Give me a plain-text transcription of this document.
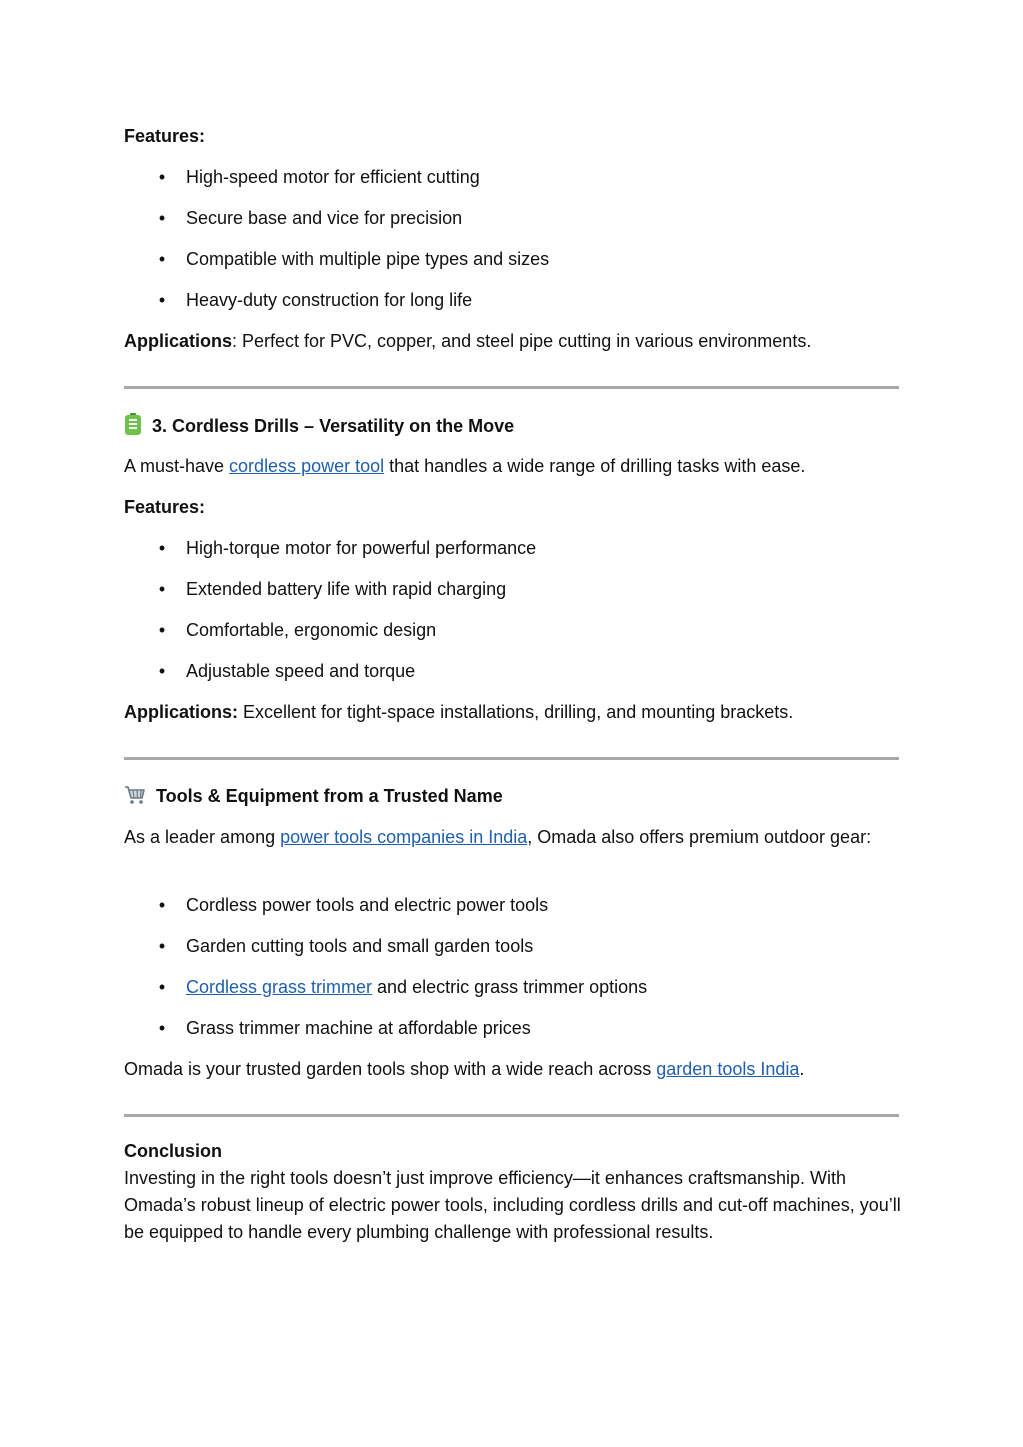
Features:
• High-speed motor for efficient cutting
• Secure base and vice for precision
• Compatible with multiple pipe types and sizes
• Heavy-duty construction for long life
Applications: Perfect for PVC, copper, and steel pipe cutting in various environments.
3. Cordless Drills – Versatility on the Move
A must-have cordless power tool that handles a wide range of drilling tasks with ease.
Features:
• High-torque motor for powerful performance
• Extended battery life with rapid charging
• Comfortable, ergonomic design
• Adjustable speed and torque
Applications: Excellent for tight-space installations, drilling, and mounting brackets.
Tools & Equipment from a Trusted Name
As a leader among power tools companies in India, Omada also offers premium outdoor gear:
• Cordless power tools and electric power tools
• Garden cutting tools and small garden tools
• Cordless grass trimmer and electric grass trimmer options
• Grass trimmer machine at affordable prices
Omada is your trusted garden tools shop with a wide reach across garden tools India.
Conclusion
Investing in the right tools doesn’t just improve efficiency—it enhances craftsmanship. With Omada’s robust lineup of electric power tools, including cordless drills and cut-off machines, you’ll be equipped to handle every plumbing challenge with professional results.
